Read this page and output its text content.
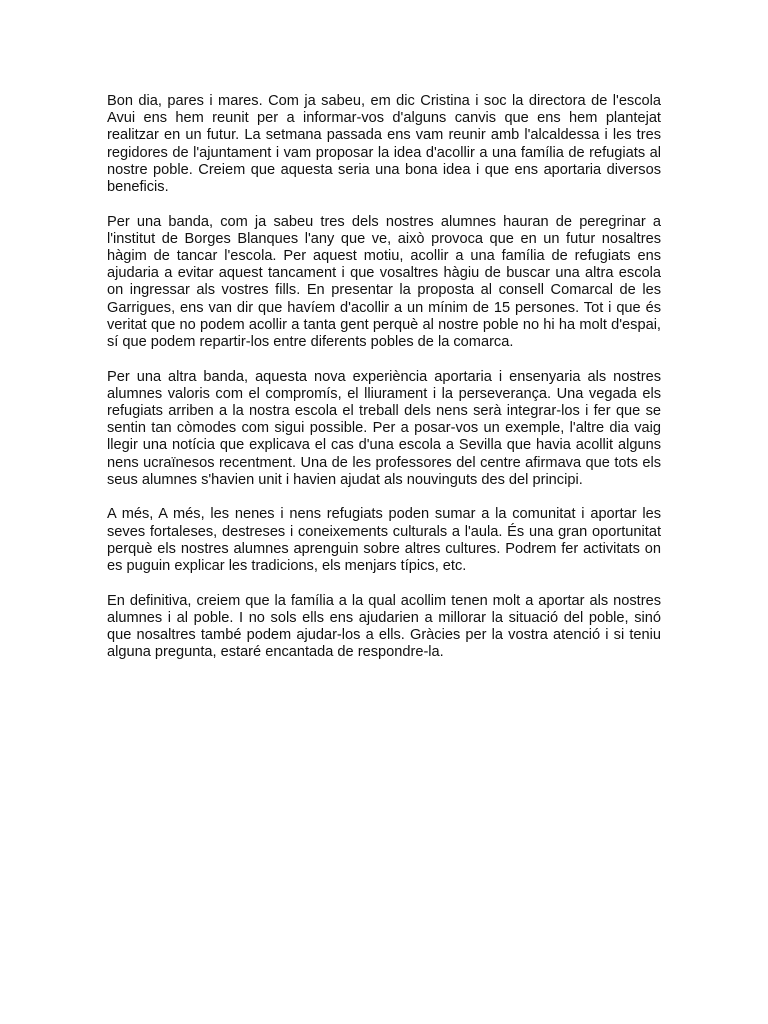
Bon dia, pares i mares. Com ja sabeu, em dic Cristina i soc la directora de l'escola Avui ens hem reunit per a informar-vos d'alguns canvis que ens hem plantejat realitzar en un futur. La setmana passada ens vam reunir amb l'alcaldessa i les tres regidores de l'ajuntament i vam proposar la idea d'acollir a una família de refugiats al nostre poble. Creiem que aquesta seria una bona idea i que ens aportaria diversos beneficis.

Per una banda, com ja sabeu tres dels nostres alumnes hauran de peregrinar a l'institut de Borges Blanques l'any que ve, això provoca que en un futur nosaltres hàgim de tancar l'escola. Per aquest motiu, acollir a una família de refugiats ens ajudaria a evitar aquest tancament i que vosaltres hàgiu de buscar una altra escola on ingressar als vostres fills. En presentar la proposta al consell Comarcal de les Garrigues, ens van dir que havíem d'acollir a un mínim de 15 persones. Tot i que és veritat que no podem acollir a tanta gent perquè al nostre poble no hi ha molt d'espai, sí que podem repartir-los entre diferents pobles de la comarca.

Per una altra banda, aquesta nova experiència aportaria i ensenyaria als nostres alumnes valoris com el compromís, el lliurament i la perseverança. Una vegada els refugiats arriben a la nostra escola el treball dels nens serà integrar-los i fer que se sentin tan còmodes com sigui possible. Per a posar-vos un exemple, l'altre dia vaig llegir una notícia que explicava el cas d'una escola a Sevilla que havia acollit alguns nens ucraïnesos recentment. Una de les professores del centre afirmava que tots els seus alumnes s'havien unit i havien ajudat als nouvinguts des del principi.

A més, A més, les nenes i nens refugiats poden sumar a la comunitat i aportar les seves fortaleses, destreses i coneixements culturals a l'aula. És una gran oportunitat perquè els nostres alumnes aprenguin sobre altres cultures. Podrem fer activitats on es puguin explicar les tradicions, els menjars típics, etc.

En definitiva, creiem que la família a la qual acollim tenen molt a aportar als nostres alumnes i al poble. I no sols ells ens ajudarien a millorar la situació del poble, sinó que nosaltres també podem ajudar-los a ells. Gràcies per la vostra atenció i si teniu alguna pregunta, estaré encantada de respondre-la.
